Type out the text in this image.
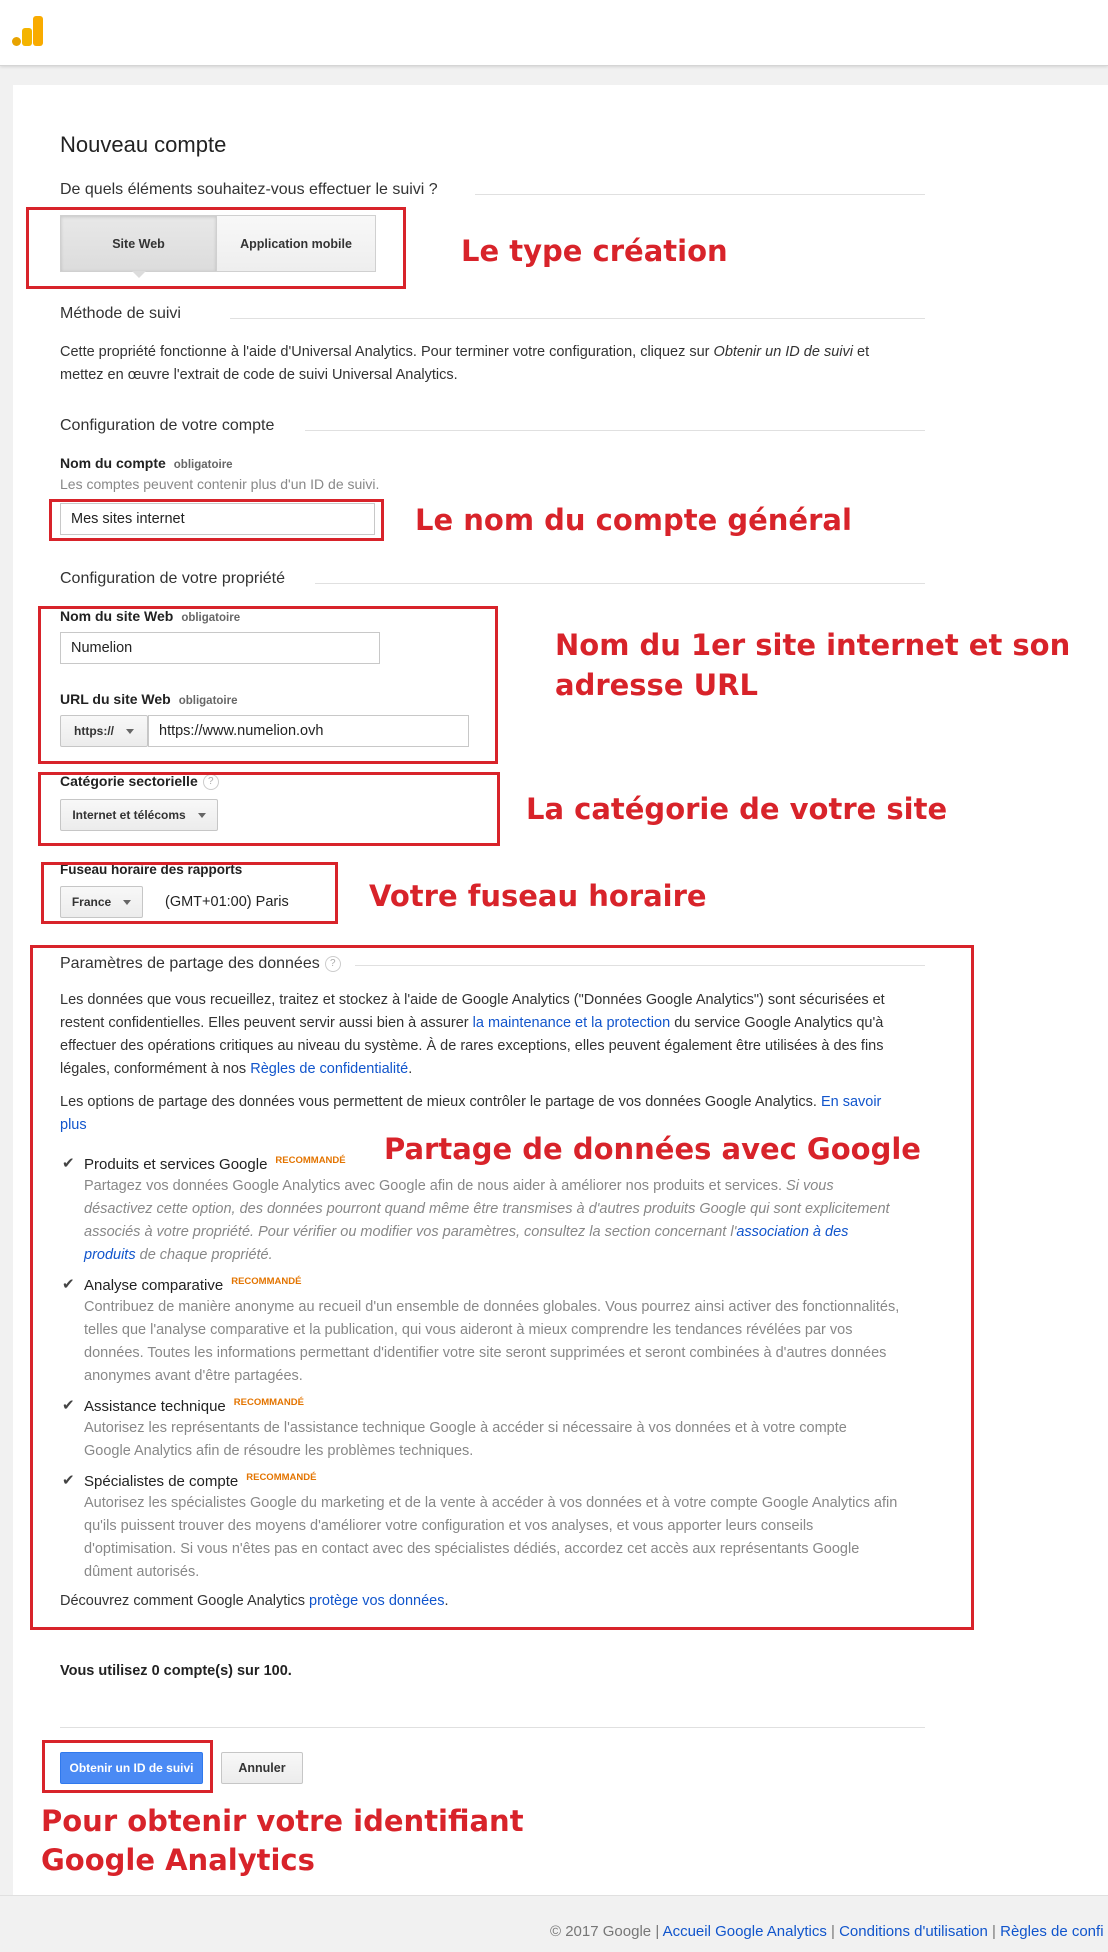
Nouveau compte
De quels éléments souhaitez-vous effectuer le suivi ?
Site Web	Application mobile
Méthode de suivi
Cette propriété fonctionne à l'aide d'Universal Analytics. Pour terminer votre configuration, cliquez sur Obtenir un ID de suivi et
mettez en œuvre l'extrait de code de suivi Universal Analytics.
Configuration de votre compte
Nom du compte obligatoire
Les comptes peuvent contenir plus d'un ID de suivi.
Mes sites internet
Configuration de votre propriété
Nom du site Web obligatoire
Numelion
URL du site Web obligatoire
https://	https://www.numelion.ovh
Catégorie sectorielle ?
Internet et télécoms
Fuseau horaire des rapports
France	(GMT+01:00) Paris
Paramètres de partage des données ?
Les données que vous recueillez, traitez et stockez à l'aide de Google Analytics ("Données Google Analytics") sont sécurisées et
restent confidentielles. Elles peuvent servir aussi bien à assurer la maintenance et la protection du service Google Analytics qu'à
effectuer des opérations critiques au niveau du système. À de rares exceptions, elles peuvent également être utilisées à des fins
légales, conformément à nos Règles de confidentialité.
Les options de partage des données vous permettent de mieux contrôler le partage de vos données Google Analytics. En savoir
plus
✔ Produits et services Google $^{RECOMMANDÉ}$
Partagez vos données Google Analytics avec Google afin de nous aider à améliorer nos produits et services. Si vous
désactivez cette option, des données pourront quand même être transmises à d'autres produits Google qui sont explicitement
associés à votre propriété. Pour vérifier ou modifier vos paramètres, consultez la section concernant l'association à des
produits de chaque propriété.
✔ Analyse comparative $^{RECOMMANDÉ}$
Contribuez de manière anonyme au recueil d'un ensemble de données globales. Vous pourrez ainsi activer des fonctionnalités,
telles que l'analyse comparative et la publication, qui vous aideront à mieux comprendre les tendances révélées par vos
données. Toutes les informations permettant d'identifier votre site seront supprimées et seront combinées à d'autres données
anonymes avant d'être partagées.
✔ Assistance technique $^{RECOMMANDÉ}$
Autorisez les représentants de l'assistance technique Google à accéder si nécessaire à vos données et à votre compte
Google Analytics afin de résoudre les problèmes techniques.
✔ Spécialistes de compte $^{RECOMMANDÉ}$
Autorisez les spécialistes Google du marketing et de la vente à accéder à vos données et à votre compte Google Analytics afin
qu'ils puissent trouver des moyens d'améliorer votre configuration et vos analyses, et vous apporter leurs conseils
d'optimisation. Si vous n'êtes pas en contact avec des spécialistes dédiés, accordez cet accès aux représentants Google
dûment autorisés.
Découvrez comment Google Analytics protège vos données.
Vous utilisez 0 compte(s) sur 100.
Obtenir un ID de suivi	Annuler
Le type création
Le nom du compte général
Nom du 1er site internet et son
adresse URL
La catégorie de votre site
Votre fuseau horaire
Partage de données avec Google
Pour obtenir votre identifiant
Google Analytics
© 2017 Google | Accueil Google Analytics | Conditions d'utilisation | Règles de confi
